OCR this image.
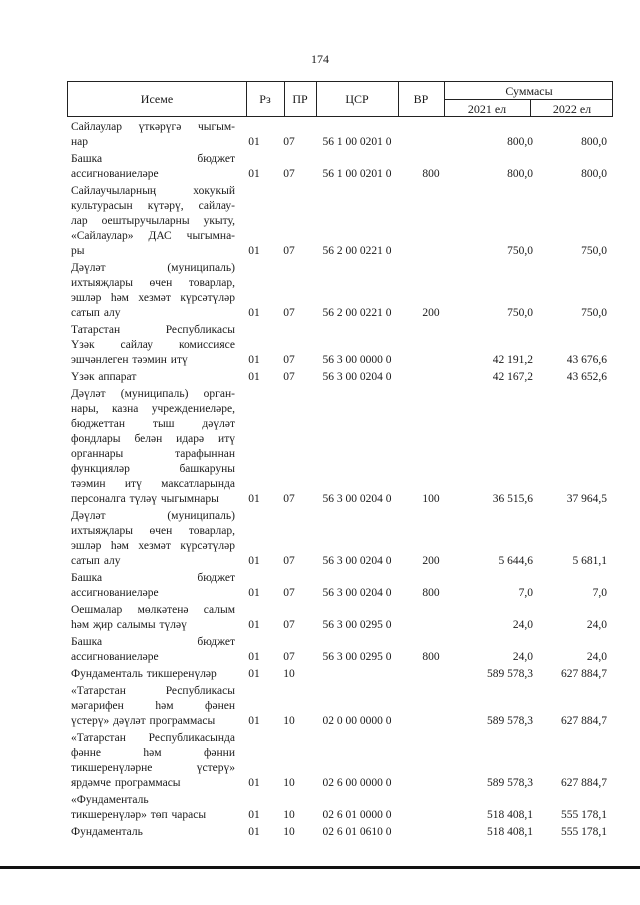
174
Исеме	Рз	ПР	ЦСР	ВР
Суммасы
2021 ел	2022 ел
Сайлаулар үткәрүгә чыгым-
нар	01	07	56 1 00 0201 0	800,0	800,0
Башка бюджет
ассигнованиеләре	01	07	56 1 00 0201 0	800	800,0	800,0
Сайлаучыларның хокукый
культурасын күтәрү, сайлау-
лар оештыручыларны укыту,
«Сайлаулар» ДАС чыгымна-
ры	01	07	56 2 00 0221 0	750,0	750,0
Дәүләт (муниципаль)
ихтыяҗлары өчен товарлар,
эшләр һәм хезмәт күрсәтүләр
сатып алу	01	07	56 2 00 0221 0	200	750,0	750,0
Татарстан Республикасы
Үзәк сайлау комиссиясе
эшчәнлеген тәэмин итү	01	07	56 3 00 0000 0	42 191,2	43 676,6
Үзәк аппарат	01	07	56 3 00 0204 0	42 167,2	43 652,6
Дәүләт (муниципаль) орган-
нары, казна учреждениеләре,
бюджеттан тыш дәүләт
фондлары белән идарә итү
органнары тарафыннан
функцияләр башкаруны
тәэмин итү максатларында
персоналга түләү чыгымнары	01	07	56 3 00 0204 0	100	36 515,6	37 964,5
Дәүләт (муниципаль)
ихтыяҗлары өчен товарлар,
эшләр һәм хезмәт күрсәтүләр
сатып алу	01	07	56 3 00 0204 0	200	5 644,6	5 681,1
Башка бюджет
ассигнованиеләре	01	07	56 3 00 0204 0	800	7,0	7,0
Оешмалар мөлкәтенә салым
һәм җир салымы түләү	01	07	56 3 00 0295 0	24,0	24,0
Башка бюджет
ассигнованиеләре	01	07	56 3 00 0295 0	800	24,0	24,0
Фундаменталь тикшеренүләр	01	10	589 578,3	627 884,7
«Татарстан Республикасы
мәгарифен һәм фәнен
үстерү» дәүләт программасы	01	10	02 0 00 0000 0	589 578,3	627 884,7
«Татарстан Республикасында
фәнне һәм фәнни
тикшеренүләрне үстерү»
ярдәмче программасы	01	10	02 6 00 0000 0	589 578,3	627 884,7
«Фундаменталь
тикшеренүләр» төп чарасы	01	10	02 6 01 0000 0	518 408,1	555 178,1
Фундаменталь	01	10	02 6 01 0610 0	518 408,1	555 178,1
